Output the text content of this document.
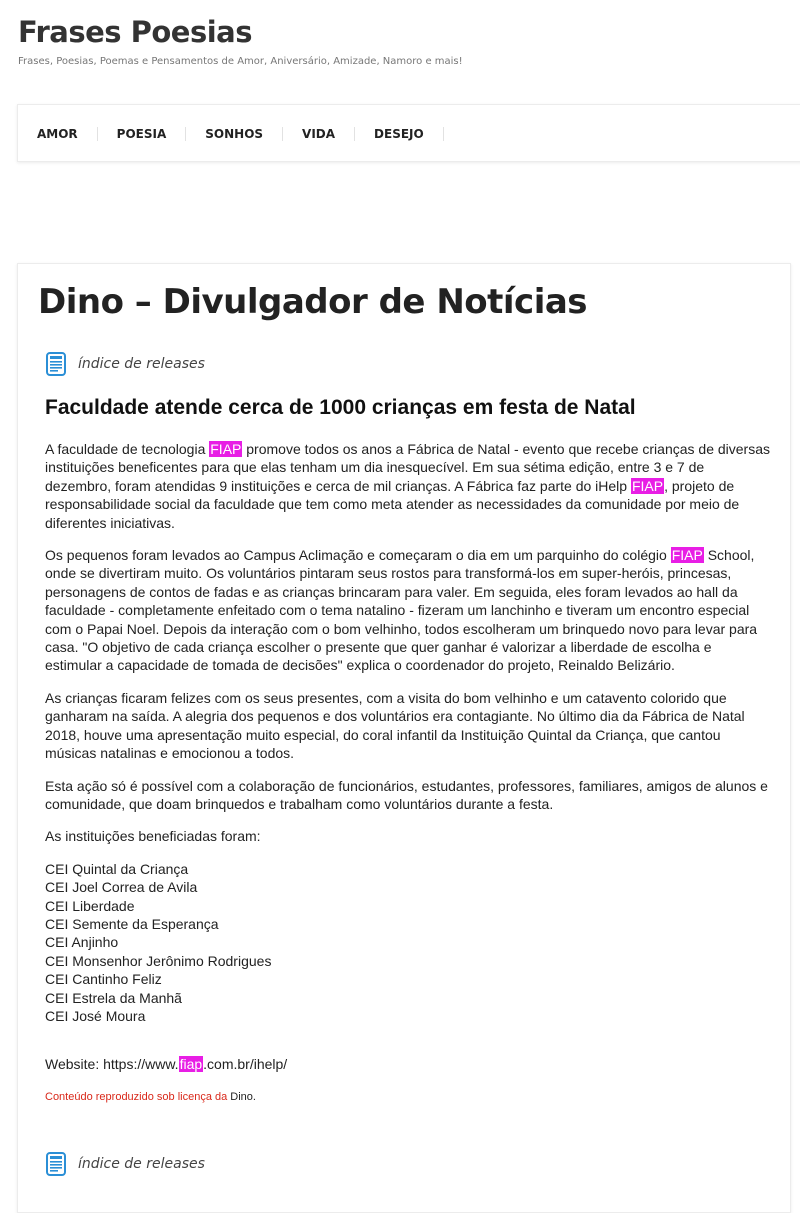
Frases Poesias
Frases, Poesias, Poemas e Pensamentos de Amor, Aniversário, Amizade, Namoro e mais!
AMOR	POESIA	SONHOS	VIDA	DESEJO
Dino – Divulgador de Notícias
índice de releases
Faculdade atende cerca de 1000 crianças em festa de Natal

A faculdade de tecnologia FIAP promove todos os anos a Fábrica de Natal - evento que recebe crianças de diversas instituições beneficentes para que elas tenham um dia inesquecível. Em sua sétima edição, entre 3 e 7 de dezembro, foram atendidas 9 instituições e cerca de mil crianças. A Fábrica faz parte do iHelp FIAP, projeto de responsabilidade social da faculdade que tem como meta atender as necessidades da comunidade por meio de diferentes iniciativas.

Os pequenos foram levados ao Campus Aclimação e começaram o dia em um parquinho do colégio FIAP School, onde se divertiram muito. Os voluntários pintaram seus rostos para transformá-los em super-heróis, princesas, personagens de contos de fadas e as crianças brincaram para valer. Em seguida, eles foram levados ao hall da faculdade - completamente enfeitado com o tema natalino - fizeram um lanchinho e tiveram um encontro especial com o Papai Noel. Depois da interação com o bom velhinho, todos escolheram um brinquedo novo para levar para casa. "O objetivo de cada criança escolher o presente que quer ganhar é valorizar a liberdade de escolha e estimular a capacidade de tomada de decisões" explica o coordenador do projeto, Reinaldo Belizário.

As crianças ficaram felizes com os seus presentes, com a visita do bom velhinho e um catavento colorido que ganharam na saída. A alegria dos pequenos e dos voluntários era contagiante. No último dia da Fábrica de Natal 2018, houve uma apresentação muito especial, do coral infantil da Instituição Quintal da Criança, que cantou músicas natalinas e emocionou a todos.

Esta ação só é possível com a colaboração de funcionários, estudantes, professores, familiares, amigos de alunos e comunidade, que doam brinquedos e trabalham como voluntários durante a festa.

As instituições beneficiadas foram:

CEI Quintal da Criança
CEI Joel Correa de Avila
CEI Liberdade
CEI Semente da Esperança
CEI Anjinho
CEI Monsenhor Jerônimo Rodrigues
CEI Cantinho Feliz
CEI Estrela da Manhã
CEI José Moura

Website: https://www.fiap.com.br/ihelp/

Conteúdo reproduzido sob licença da Dino.

índice de releases
